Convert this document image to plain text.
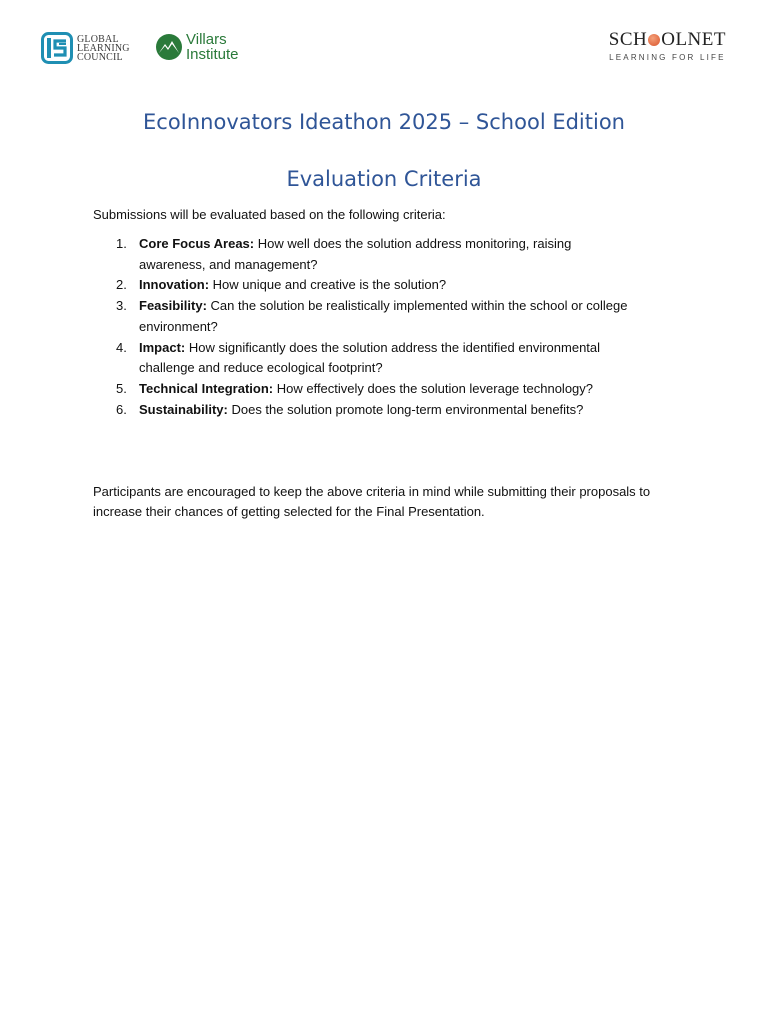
GLOBAL
LEARNING
COUNCIL
Villars
Institute
SCH OLNET
LEARNING FOR LIFE
EcoInnovators Ideathon 2025 – School Edition
Evaluation Criteria

Submissions will be evaluated based on the following criteria:

1. Core Focus Areas: How well does the solution address monitoring, raising awareness, and management?
2. Innovation: How unique and creative is the solution?
3. Feasibility: Can the solution be realistically implemented within the school or college environment?
4. Impact: How significantly does the solution address the identified environmental challenge and reduce ecological footprint?
5. Technical Integration: How effectively does the solution leverage technology?
6. Sustainability: Does the solution promote long-term environmental benefits?

Participants are encouraged to keep the above criteria in mind while submitting their proposals to increase their chances of getting selected for the Final Presentation.
